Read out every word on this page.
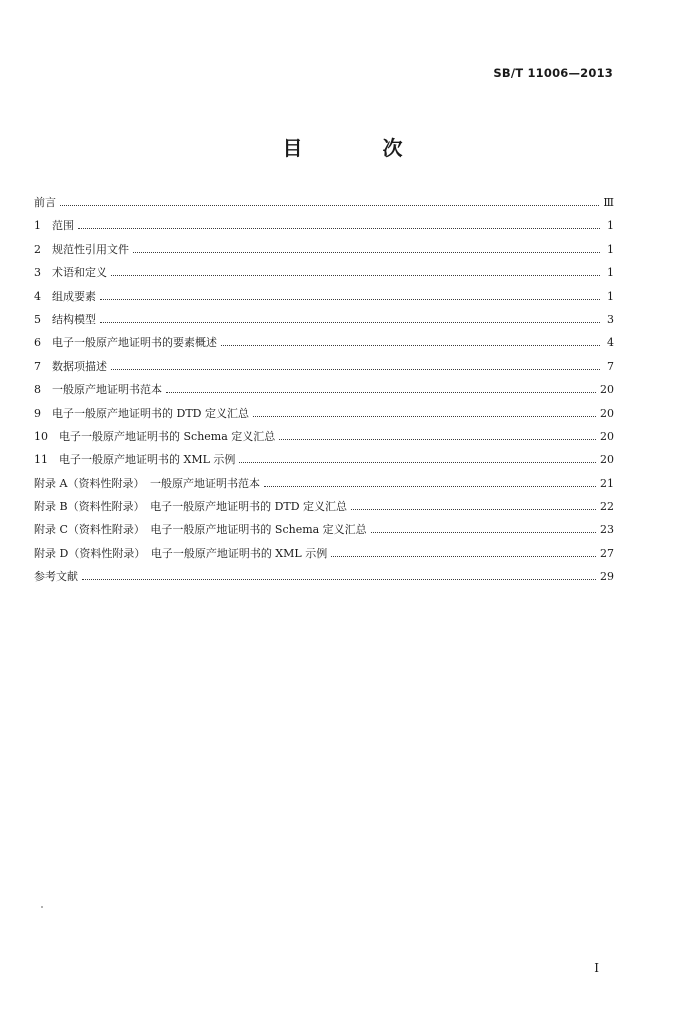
SB/T 11006—2013
目　次
前言	Ⅲ
1　范围	1
2　规范性引用文件	1
3　术语和定义	1
4　组成要素	1
5　结构模型	3
6　电子一般原产地证明书的要素概述	4
7　数据项描述	7
8　一般原产地证明书范本	20
9　电子一般原产地证明书的 DTD 定义汇总	20
10　电子一般原产地证明书的 Schema 定义汇总	20
11　电子一般原产地证明书的 XML 示例	20
附录 A（资料性附录）　一般原产地证明书范本	21
附录 B（资料性附录）　电子一般原产地证明书的 DTD 定义汇总	22
附录 C（资料性附录）　电子一般原产地证明书的 Schema 定义汇总	23
附录 D（资料性附录）　电子一般原产地证明书的 XML 示例	27
参考文献	29
Ⅰ
